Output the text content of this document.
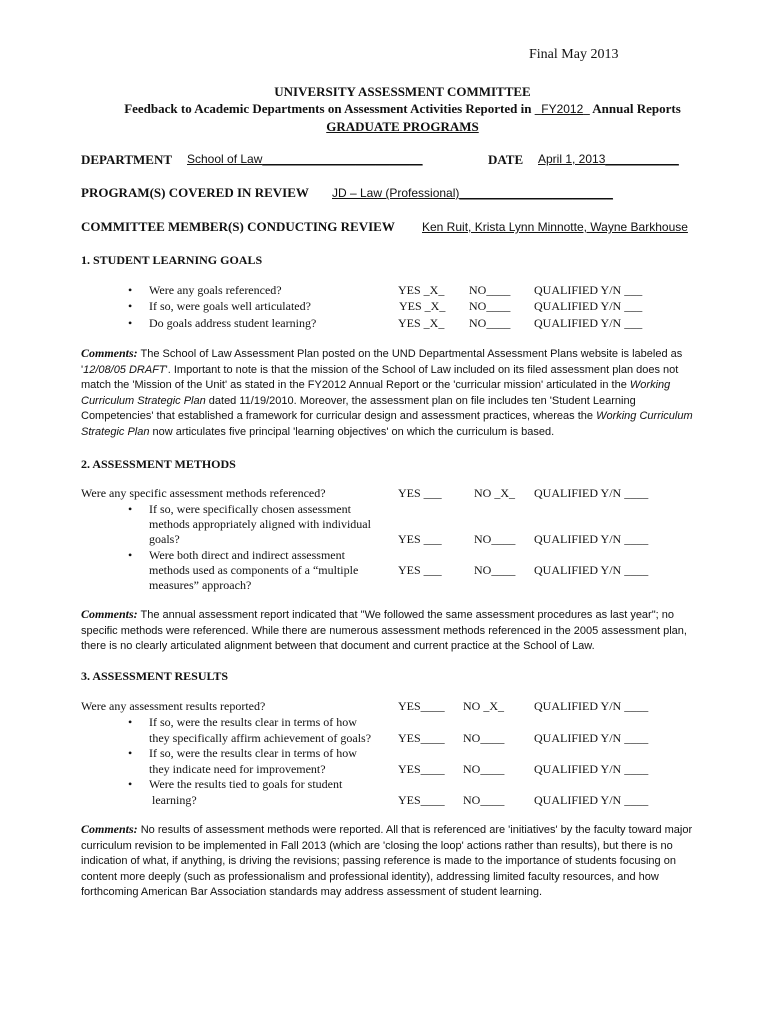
Final May 2013
UNIVERSITY ASSESSMENT COMMITTEE
Feedback to Academic Departments on Assessment Activities Reported in _FY2012_ Annual Reports
GRADUATE PROGRAMS
DEPARTMENT School of Law________________________	DATE April 1, 2013___________
PROGRAM(S) COVERED IN REVIEW JD – Law (Professional)_______________________
COMMITTEE MEMBER(S) CONDUCTING REVIEW Ken Ruit, Krista Lynn Minnotte, Wayne Barkhouse
1. STUDENT LEARNING GOALS
• Were any goals referenced?	YES _X_ NO____ QUALIFIED Y/N ___
• If so, were goals well articulated?	YES _X_ NO____ QUALIFIED Y/N ___
• Do goals address student learning?	YES _X_ NO____ QUALIFIED Y/N ___
Comments: The School of Law Assessment Plan posted on the UND Departmental Assessment Plans website is labeled as '12/08/05 DRAFT'. Important to note is that the mission of the School of Law included on its filed assessment plan does not match the 'Mission of the Unit' as stated in the FY2012 Annual Report or the 'curricular mission' articulated in the Working Curriculum Strategic Plan dated 11/19/2010. Moreover, the assessment plan on file includes ten 'Student Learning Competencies' that established a framework for curricular design and assessment practices, whereas the Working Curriculum Strategic Plan now articulates five principal 'learning objectives' on which the curriculum is based.
2. ASSESSMENT METHODS
Were any specific assessment methods referenced?	YES ___	NO _X_ QUALIFIED Y/N ____
• If so, were specifically chosen assessment
methods appropriately aligned with individual
goals?	YES ___	NO____ QUALIFIED Y/N ____
• Were both direct and indirect assessment
methods used as components of a “multiple
measures” approach?
YES ___	NO____ QUALIFIED Y/N ____
Comments: The annual assessment report indicated that "We followed the same assessment procedures as last year"; no specific methods were referenced. While there are numerous assessment methods referenced in the 2005 assessment plan, there is no clearly articulated alignment between that document and current practice at the School of Law.
3. ASSESSMENT RESULTS
Were any assessment results reported?	YES____ NO _X_	QUALIFIED Y/N ____
• If so, were the results clear in terms of how
they specifically affirm achievement of goals? YES____ NO____ QUALIFIED Y/N ____
• If so, were the results clear in terms of how
they indicate need for improvement?	YES____ NO____ QUALIFIED Y/N ____
• Were the results tied to goals for student
learning?	YES____ NO____ QUALIFIED Y/N ____
Comments: No results of assessment methods were reported. All that is referenced are 'initiatives' by the faculty toward major curriculum revision to be implemented in Fall 2013 (which are 'closing the loop' actions rather than results), but there is no indication of what, if anything, is driving the revisions; passing reference is made to the importance of students focusing on content more deeply (such as professionalism and professional identity), addressing limited faculty resources, and how forthcoming American Bar Association standards may address assessment of student learning.
